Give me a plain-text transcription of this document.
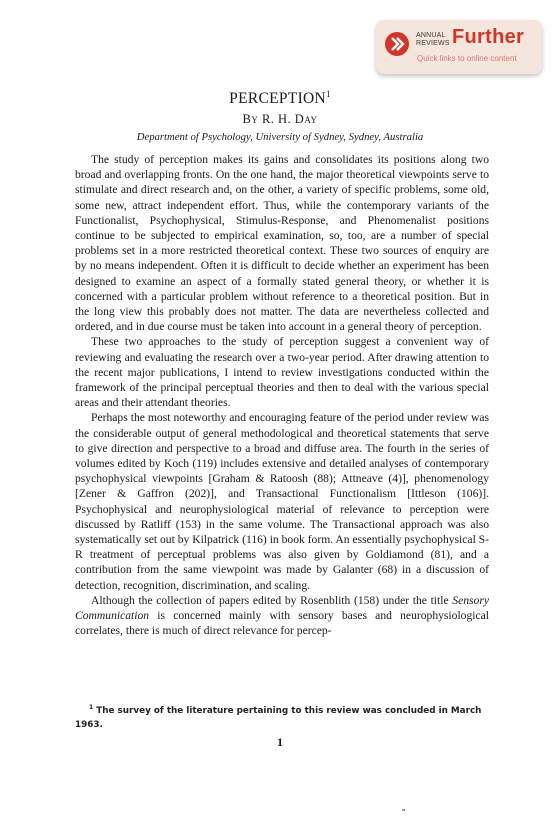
ANNUAL
REVIEWS Further
Quick links to online content
PERCEPTION$^1$
By R. H. Day
Department of Psychology, University of Sydney, Sydney, Australia

The study of perception makes its gains and consolidates its positions along two broad and overlapping fronts. On the one hand, the major theoretical viewpoints serve to stimulate and direct research and, on the other, a variety of specific problems, some old, some new, attract independent effort. Thus, while the contemporary variants of the Functionalist, Psychophysical, Stimulus-Response, and Phenomenalist positions continue to be subjected to empirical examination, so, too, are a number of special problems set in a more restricted theoretical context. These two sources of enquiry are by no means independent. Often it is difficult to decide whether an experiment has been designed to examine an aspect of a formally stated general theory, or whether it is concerned with a particular problem without reference to a theoretical position. But in the long view this probably does not matter. The data are nevertheless collected and ordered, and in due course must be taken into account in a general theory of perception.

These two approaches to the study of perception suggest a convenient way of reviewing and evaluating the research over a two-year period. After drawing attention to the recent major publications, I intend to review investigations conducted within the framework of the principal perceptual theories and then to deal with the various special areas and their attendant theories.

Perhaps the most noteworthy and encouraging feature of the period under review was the considerable output of general methodological and theoretical statements that serve to give direction and perspective to a broad and diffuse area. The fourth in the series of volumes edited by Koch (119) includes extensive and detailed analyses of contemporary psychophysical viewpoints [Graham & Ratoosh (88); Attneave (4)], phenomenology [Zener & Gaffron (202)], and Transactional Functionalism [Ittleson (106)]. Psychophysical and neurophysiological material of relevance to perception were discussed by Ratliff (153) in the same volume. The Transactional approach was also systematically set out by Kilpatrick (116) in book form. An essentially psychophysical S-R treatment of perceptual problems was also given by Goldiamond (81), and a contribution from the same viewpoint was made by Galanter (68) in a discussion of detection, recognition, discrimination, and scaling.

Although the collection of papers edited by Rosenblith (158) under the title Sensory Communication is concerned mainly with sensory bases and neurophysiological correlates, there is much of direct relevance for percep-

$^1$ The survey of the literature pertaining to this review was concluded in March 1963.
1
